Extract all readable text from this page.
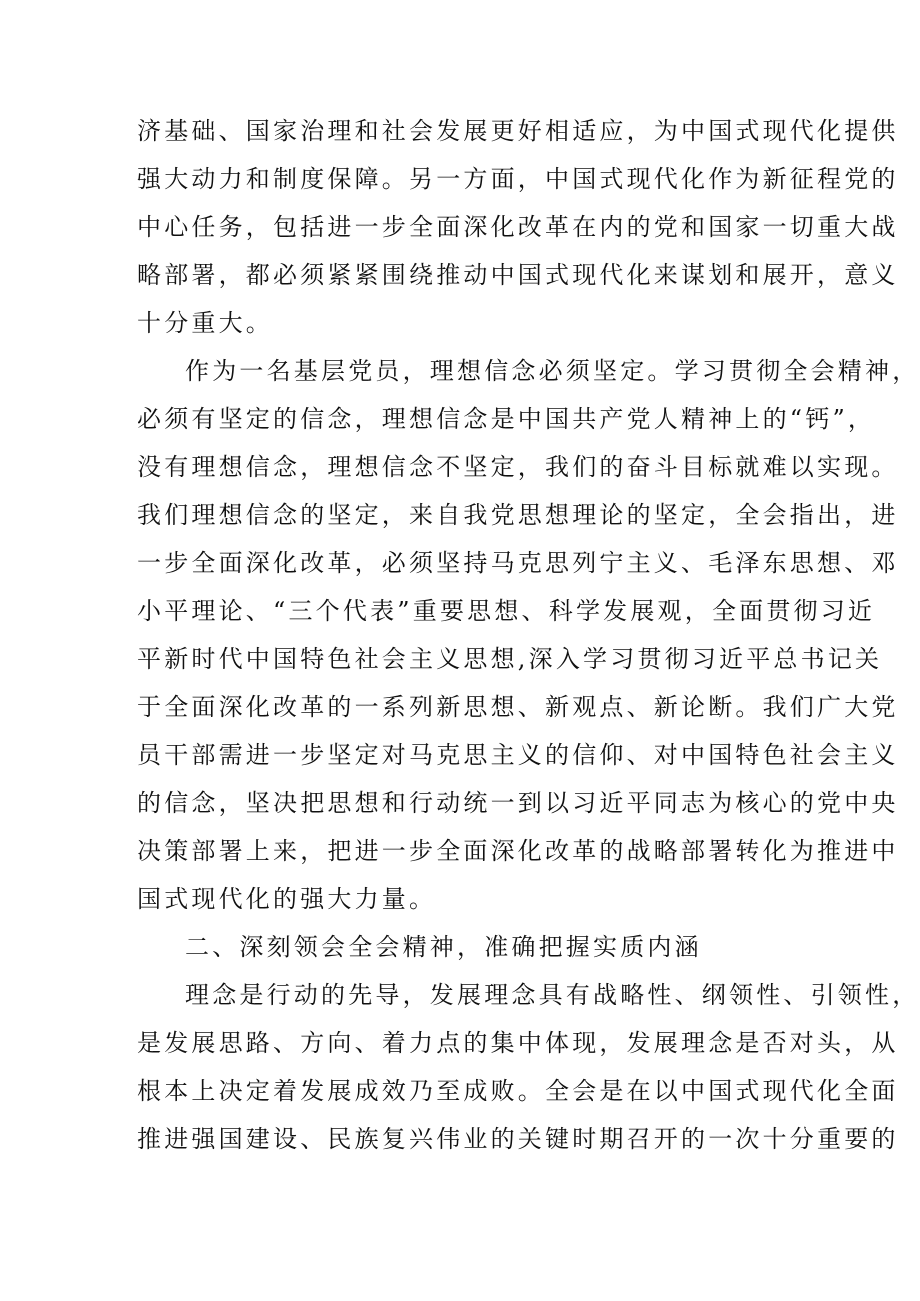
济基础、国家治理和社会发展更好相适应，为中国式现代化提供
强大动力和制度保障。另一方面，中国式现代化作为新征程党的
中心任务，包括进一步全面深化改革在内的党和国家一切重大战
略部署，都必须紧紧围绕推动中国式现代化来谋划和展开，意义
十分重大。
作为一名基层党员，理想信念必须坚定。学习贯彻全会精神，
必须有坚定的信念，理想信念是中国共产党人精神上的“钙”，
没有理想信念，理想信念不坚定，我们的奋斗目标就难以实现。
我们理想信念的坚定，来自我党思想理论的坚定，全会指出，进
一步全面深化改革，必须坚持马克思列宁主义、毛泽东思想、邓
小平理论、“三个代表”重要思想、科学发展观，全面贯彻习近
平新时代中国特色社会主义思想,深入学习贯彻习近平总书记关
于全面深化改革的一系列新思想、新观点、新论断。我们广大党
员干部需进一步坚定对马克思主义的信仰、对中国特色社会主义
的信念，坚决把思想和行动统一到以习近平同志为核心的党中央
决策部署上来，把进一步全面深化改革的战略部署转化为推进中
国式现代化的强大力量。
二、深刻领会全会精神，准确把握实质内涵
理念是行动的先导，发展理念具有战略性、纲领性、引领性，
是发展思路、方向、着力点的集中体现，发展理念是否对头，从
根本上决定着发展成效乃至成败。全会是在以中国式现代化全面
推进强国建设、民族复兴伟业的关键时期召开的一次十分重要的
